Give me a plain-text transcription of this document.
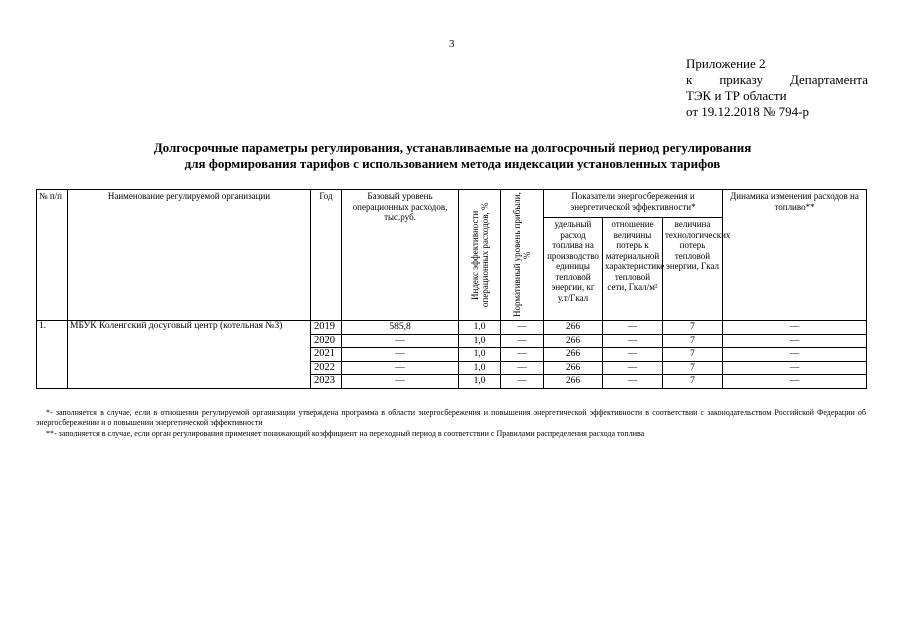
3
Приложение 2
к приказу Департамента
ТЭК и ТР области
от 19.12.2018 № 794-р
Долгосрочные параметры регулирования, устанавливаемые на долгосрочный период регулирования
для формирования тарифов с использованием метода индексации установленных тарифов
№ п/п	Наименование регулируемой организации	Год	Базовый уровень операционных расходов, тыс.руб.	Индекс эффективности операционных расходов, %	Нормативный уровень прибыли, %	Показатели энергосбережения и энергетической эффективности*			Динамика изменения расходов на топливо**
						удельный расход топлива на производство единицы тепловой энергии, кг у.т/Гкал	отношение величины потерь к материальной характеристике тепловой сети, Гкал/м²	величина технологических потерь тепловой энергии, Гкал	
1.	МБУК Коленгский досуговый центр (котельная №3)	2019	585,8	1,0	—	266	—	7	—
		2020	—	1,0	—	266	—	7	—
		2021	—	1,0	—	266	—	7	—
		2022	—	1,0	—	266	—	7	—
		2023	—	1,0	—	266	—	7	—

*- заполняется в случае, если в отношении регулируемой организации утверждена программа в области энергосбережения и повышения энергетической эффективности в соответствии с законодательством Российской Федерации об энергосбережении и о повышении энергетической эффективности

**- заполняется в случае, если орган регулирования применяет понижающий коэффициент на переходный период в соответствии с Правилами распределения расхода топлива
